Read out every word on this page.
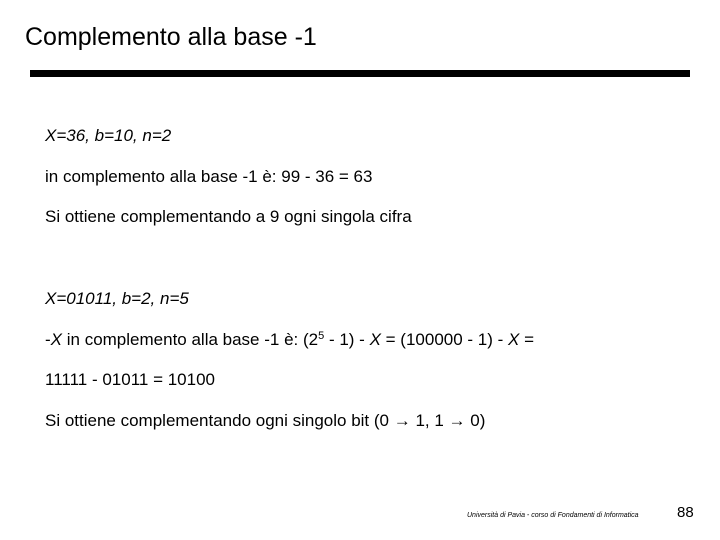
Complemento alla base -1
X=36, b=10, n=2
in complemento alla base -1 è: 99 - 36 = 63
Si ottiene complementando a 9 ogni singola cifra
X=01011, b=2, n=5
-X in complemento alla base -1 è: $(2^5 - 1) - X = (100000 - 1) - X$ =
11111 - 01011 = 10100
Si ottiene complementando ogni singolo bit (0 → 1, 1 → 0)
Università di Pavia - corso di Fondamenti di Informatica	88
